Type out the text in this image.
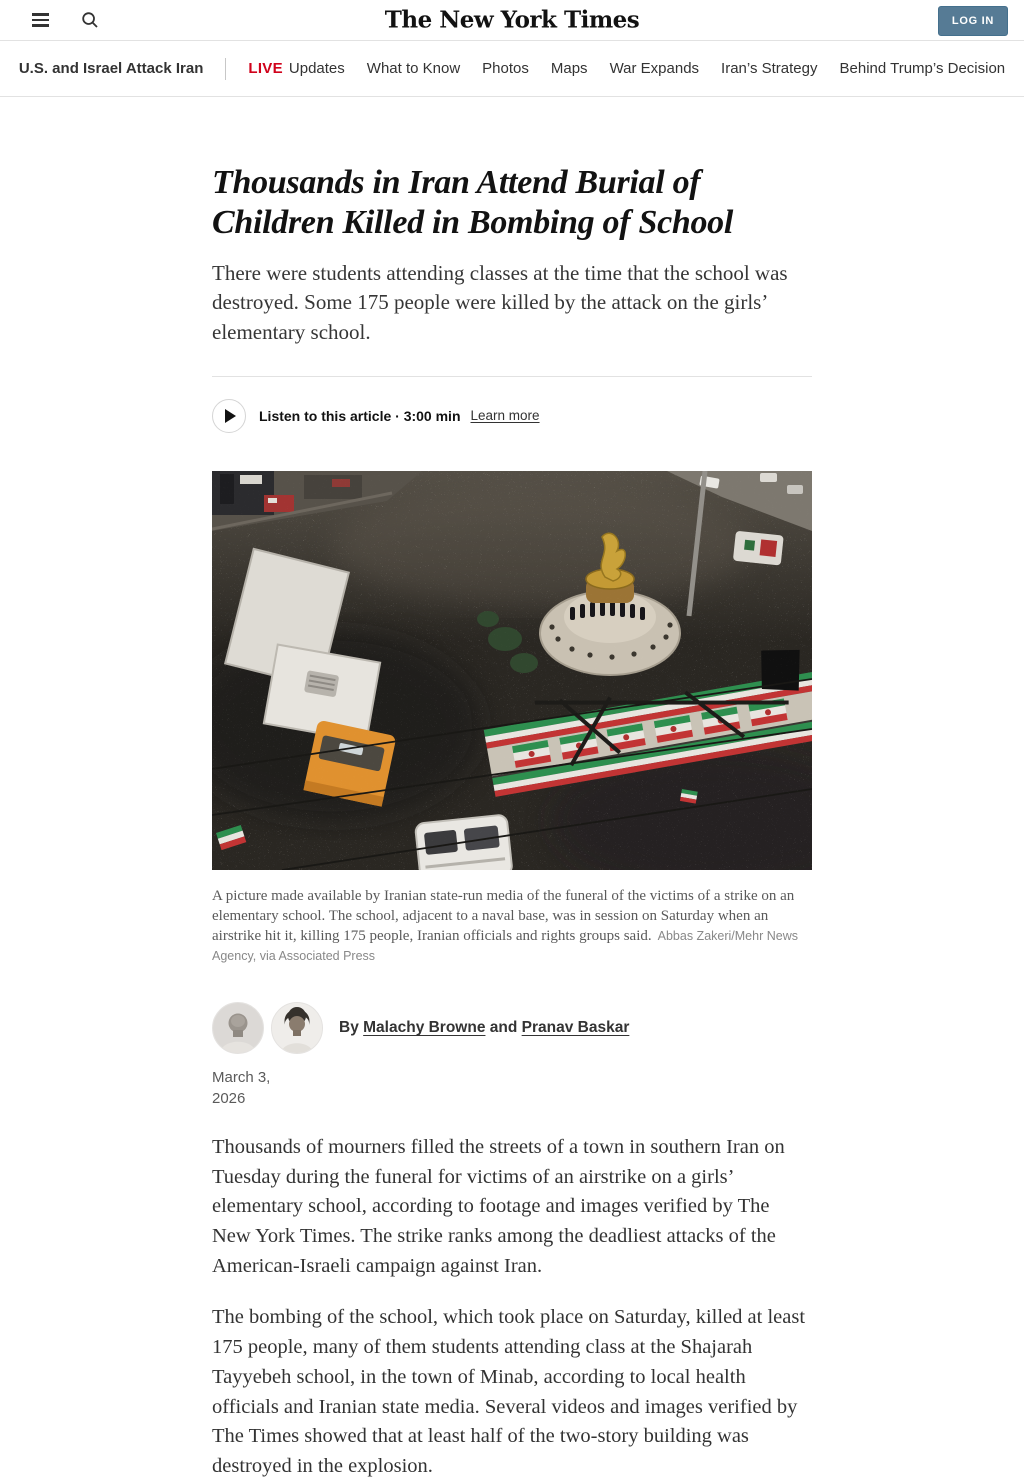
The New York Times	LOG IN
U.S. and Israel Attack Iran	LIVE Updates What to Know Photos Maps War Expands Iran’s Strategy Behind Trump’s Decision
Thousands in Iran Attend Burial of Children Killed in Bombing of School

There were students attending classes at the time that the school was destroyed. Some 175 people were killed by the attack on the girls’ elementary school.

Listen to this article · 3:00 min Learn more
A picture made available by Iranian state-run media of the funeral of the victims of a strike on an elementary school. The school, adjacent to a naval base, was in session on Saturday when an airstrike hit it, killing 175 people, Iranian officials and rights groups said. Abbas Zakeri/Mehr News Agency, via Associated Press
By Malachy Browne and Pranav Baskar
March 3,
2026

Thousands of mourners filled the streets of a town in southern Iran on Tuesday during the funeral for victims of an airstrike on a girls’ elementary school, according to footage and images verified by The New York Times. The strike ranks among the deadliest attacks of the American-Israeli campaign against Iran.

The bombing of the school, which took place on Saturday, killed at least 175 people, many of them students attending class at the Shajarah Tayyebeh school, in the town of Minab, according to local health officials and Iranian state media. Several videos and images verified by The Times showed that at least half of the two-story building was destroyed in the explosion.
